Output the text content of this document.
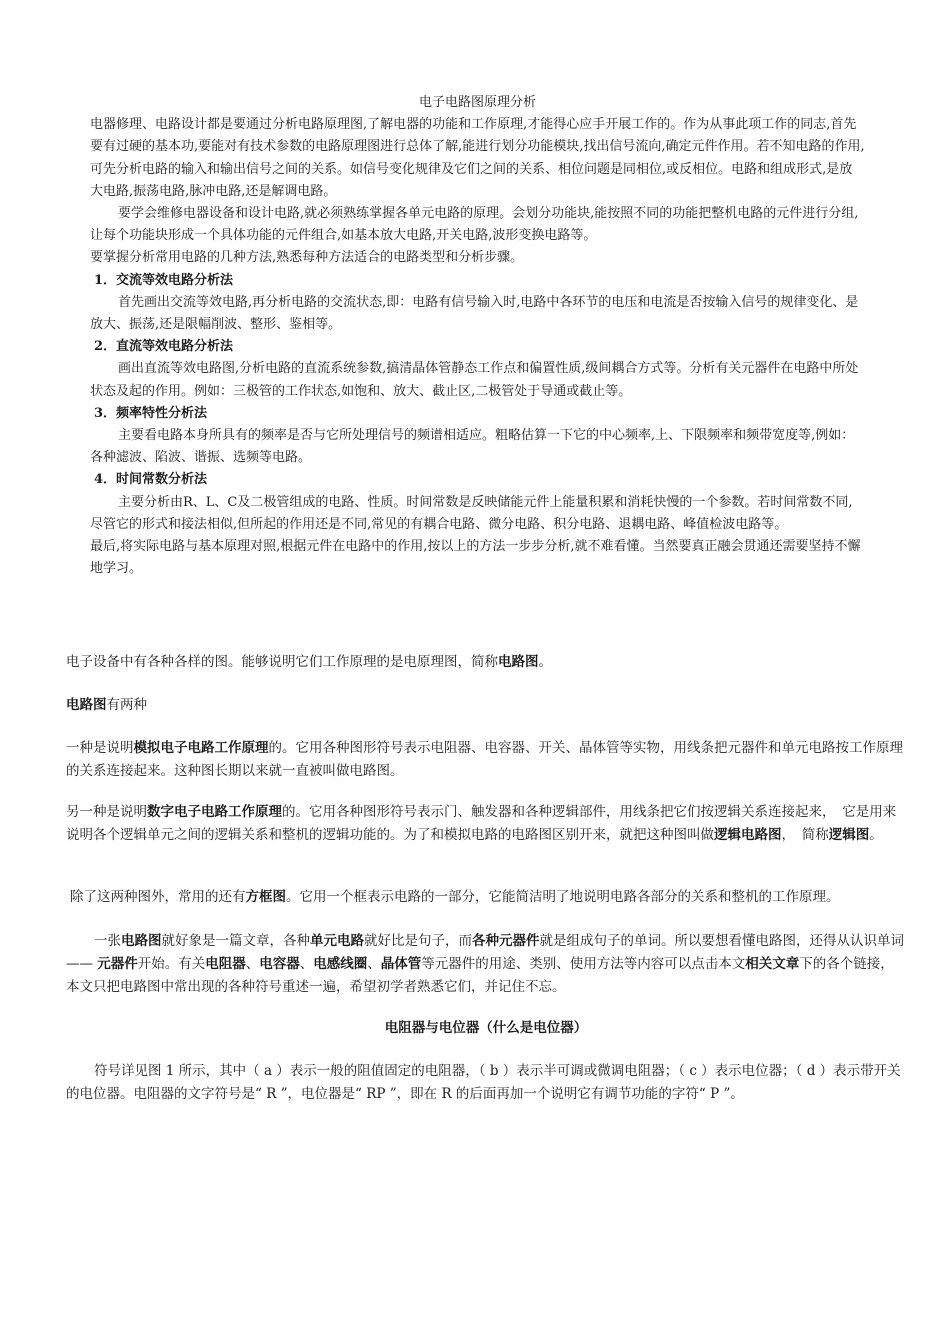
电子电路图原理分析

电器修理、电路设计都是要通过分析电路原理图,了解电器的功能和工作原理,才能得心应手开展工作的。作为从事此项工作的同志,首先要有过硬的基本功,要能对有技术参数的电路原理图进行总体了解,能进行划分功能模块,找出信号流向,确定元件作用。若不知电路的作用,可先分析电路的输入和输出信号之间的关系。如信号变化规律及它们之间的关系、相位问题是同相位,或反相位。电路和组成形式,是放大电路,振荡电路,脉冲电路,还是解调电路。

要学会维修电器设备和设计电路,就必须熟练掌握各单元电路的原理。会划分功能块,能按照不同的功能把整机电路的元件进行分组,让每个功能块形成一个具体功能的元件组合,如基本放大电路,开关电路,波形变换电路等。

要掌握分析常用电路的几种方法,熟悉每种方法适合的电路类型和分析步骤。

1．交流等效电路分析法

首先画出交流等效电路,再分析电路的交流状态,即：电路有信号输入时,电路中各环节的电压和电流是否按输入信号的规律变化、是放大、振荡,还是限幅削波、整形、鉴相等。

2．直流等效电路分析法

画出直流等效电路图,分析电路的直流系统参数,搞清晶体管静态工作点和偏置性质,级间耦合方式等。分析有关元器件在电路中所处状态及起的作用。例如：三极管的工作状态,如饱和、放大、截止区,二极管处于导通或截止等。

3．频率特性分析法

主要看电路本身所具有的频率是否与它所处理信号的频谱相适应。粗略估算一下它的中心频率,上、下限频率和频带宽度等,例如：各种滤波、陷波、谐振、选频等电路。

4．时间常数分析法

主要分析由R、L、C及二极管组成的电路、性质。时间常数是反映储能元件上能量积累和消耗快慢的一个参数。若时间常数不同,尽管它的形式和接法相似,但所起的作用还是不同,常见的有耦合电路、微分电路、积分电路、退耦电路、峰值检波电路等。

最后,将实际电路与基本原理对照,根据元件在电路中的作用,按以上的方法一步步分析,就不难看懂。当然要真正融会贯通还需要坚持不懈地学习。

电子设备中有各种各样的图。能够说明它们工作原理的是电原理图，简称电路图。

电路图有两种

一种是说明模拟电子电路工作原理的。它用各种图形符号表示电阻器、电容器、开关、晶体管等实物，用线条把元器件和单元电路按工作原理的关系连接起来。这种图长期以来就一直被叫做电路图。

另一种是说明数字电子电路工作原理的。它用各种图形符号表示门、触发器和各种逻辑部件，用线条把它们按逻辑关系连接起来，　它是用来说明各个逻辑单元之间的逻辑关系和整机的逻辑功能的。为了和模拟电路的电路图区别开来，就把这种图叫做逻辑电路图，　简称逻辑图。

除了这两种图外，常用的还有方框图。它用一个框表示电路的一部分，它能简洁明了地说明电路各部分的关系和整机的工作原理。

一张电路图就好象是一篇文章，各种单元电路就好比是句子，而各种元器件就是组成句子的单词。所以要想看懂电路图，还得从认识单词 —— 元器件开始。有关电阻器、电容器、电感线圈、晶体管等元器件的用途、类别、使用方法等内容可以点击本文相关文章下的各个链接，本文只把电路图中常出现的各种符号重述一遍，希望初学者熟悉它们，并记住不忘。

电阻器与电位器（什么是电位器）

符号详见图 1 所示，其中（ a ）表示一般的阻值固定的电阻器，（ b ）表示半可调或微调电阻器；（ c ）表示电位器；（ d ）表示带开关的电位器。电阻器的文字符号是“ R ”，电位器是“ RP ”，即在 R 的后面再加一个说明它有调节功能的字符“ P ”。
